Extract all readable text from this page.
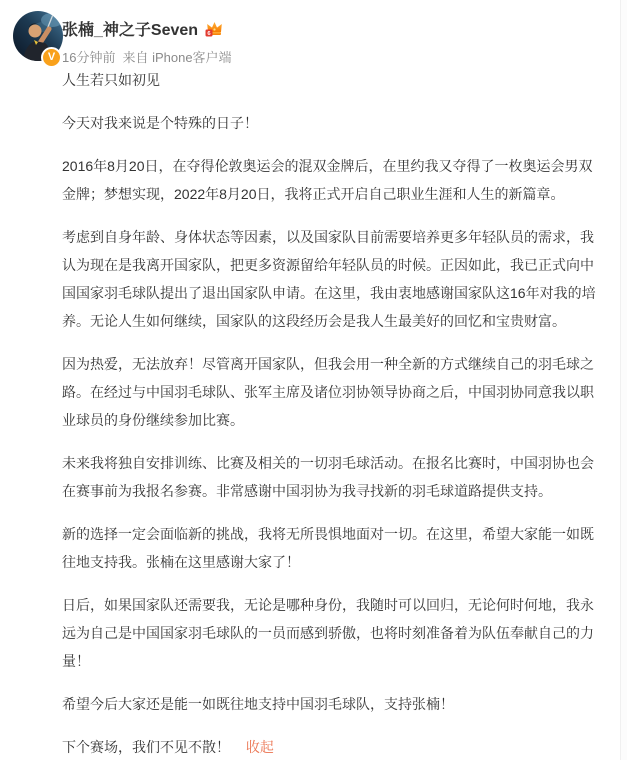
V
张楠_神之子Seven 6
16分钟前 来自 iPhone客户端

人生若只如初见

今天对我来说是个特殊的日子！

2016年8月20日，在夺得伦敦奥运会的混双金牌后，在里约我又夺得了一枚奥运会男双金牌；梦想实现，2022年8月20日，我将正式开启自己职业生涯和人生的新篇章。

考虑到自身年龄、身体状态等因素，以及国家队目前需要培养更多年轻队员的需求，我认为现在是我离开国家队，把更多资源留给年轻队员的时候。正因如此，我已正式向中国国家羽毛球队提出了退出国家队申请。在这里，我由衷地感谢国家队这16年对我的培养。无论人生如何继续，国家队的这段经历会是我人生最美好的回忆和宝贵财富。

因为热爱，无法放弃！尽管离开国家队，但我会用一种全新的方式继续自己的羽毛球之路。在经过与中国羽毛球队、张军主席及诸位羽协领导协商之后，中国羽协同意我以职业球员的身份继续参加比赛。

未来我将独自安排训练、比赛及相关的一切羽毛球活动。在报名比赛时，中国羽协也会在赛事前为我报名参赛。非常感谢中国羽协为我寻找新的羽毛球道路提供支持。

新的选择一定会面临新的挑战，我将无所畏惧地面对一切。在这里，希望大家能一如既往地支持我。张楠在这里感谢大家了！

日后，如果国家队还需要我，无论是哪种身份，我随时可以回归，无论何时何地，我永远为自己是中国国家羽毛球队的一员而感到骄傲，也将时刻准备着为队伍奉献自己的力量！

希望今后大家还是能一如既往地支持中国羽毛球队，支持张楠！

下个赛场，我们不见不散！ 收起
